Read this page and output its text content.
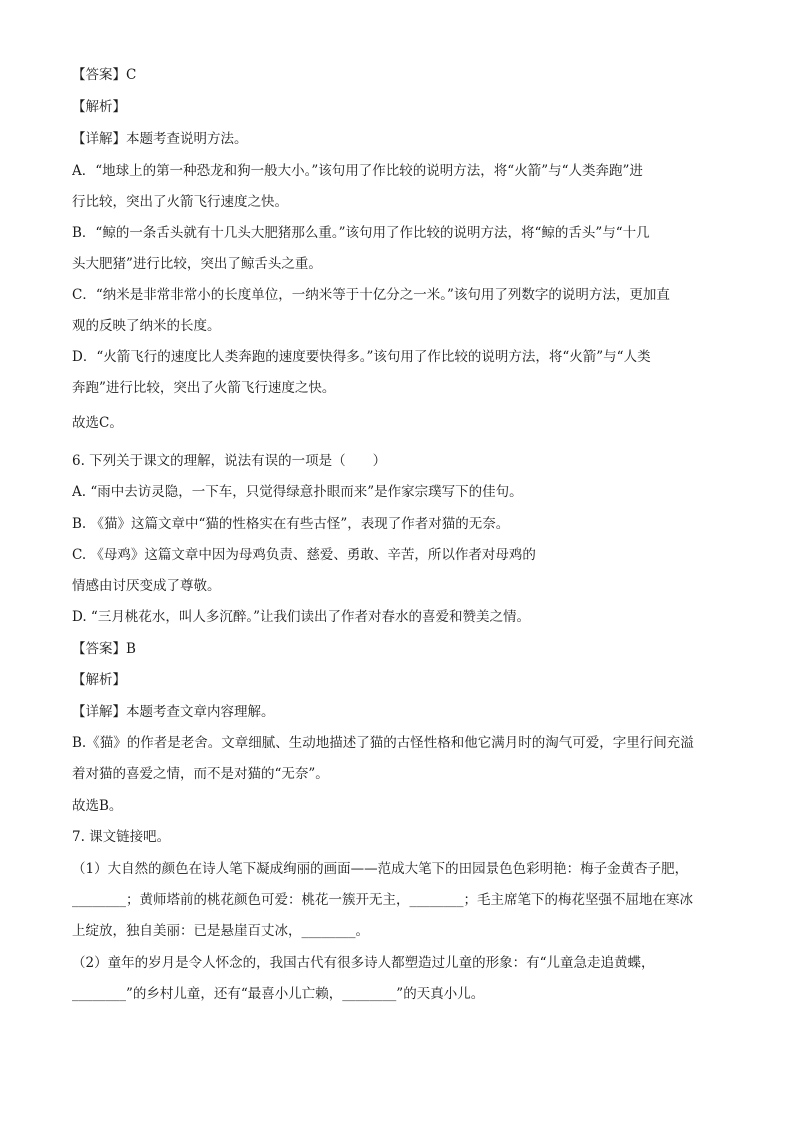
【答案】C
【解析】
【详解】本题考查说明方法。
A．“地球上的第一种恐龙和狗一般大小。”该句用了作比较的说明方法，将“火箭”与“人类奔跑”进
行比较，突出了火箭飞行速度之快。
B．“鲸的一条舌头就有十几头大肥猪那么重。”该句用了作比较的说明方法，将“鲸的舌头”与“十几
头大肥猪”进行比较，突出了鲸舌头之重。
C．“纳米是非常非常小的长度单位，一纳米等于十亿分之一米。”该句用了列数字的说明方法，更加直
观的反映了纳米的长度。
D．“火箭飞行的速度比人类奔跑的速度要快得多。”该句用了作比较的说明方法，将“火箭”与“人类
奔跑”进行比较，突出了火箭飞行速度之快。
故选C。
6. 下列关于课文的理解，说法有误的一项是（　　）
A. “雨中去访灵隐，一下车，只觉得绿意扑眼而来”是作家宗璞写下的佳句。
B. 《猫》这篇文章中“猫的性格实在有些古怪”，表现了作者对猫的无奈。
C. 《母鸡》这篇文章中因为母鸡负责、慈爱、勇敢、辛苦，所以作者对母鸡的
情感由讨厌变成了尊敬。
D. “三月桃花水，叫人多沉醉。”让我们读出了作者对春水的喜爱和赞美之情。
【答案】B
【解析】
【详解】本题考查文章内容理解。
B.《猫》的作者是老舍。文章细腻、生动地描述了猫的古怪性格和他它满月时的淘气可爱，字里行间充溢
着对猫的喜爱之情，而不是对猫的“无奈”。
故选B。
7. 课文链接吧。
（1）大自然的颜色在诗人笔下凝成绚丽的画面——范成大笔下的田园景色色彩明艳：梅子金黄杏子肥，
________；黄师塔前的桃花颜色可爱：桃花一簇开无主，________；毛主席笔下的梅花坚强不屈地在寒冰
上绽放，独自美丽：已是悬崖百丈冰，________。
（2）童年的岁月是令人怀念的，我国古代有很多诗人都塑造过儿童的形象：有“儿童急走追黄蝶，
________”的乡村儿童，还有“最喜小儿亡赖，________”的天真小儿。
